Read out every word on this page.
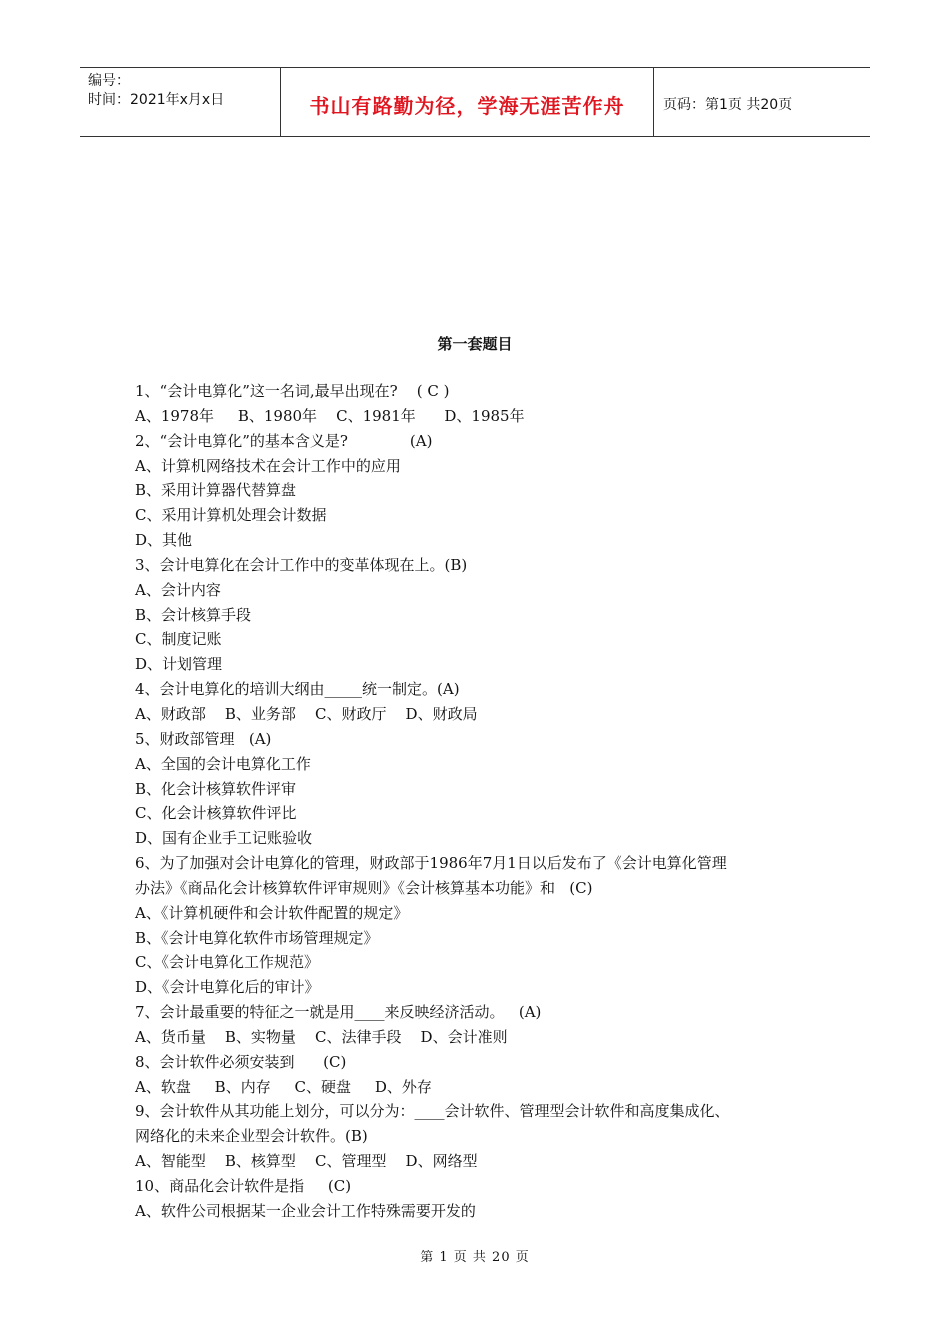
编号：
时间：2021年x月x日	书山有路勤为径，学海无涯苦作舟	页码：第1页 共20页
第一套题目
1、“会计电算化”这一名词,最早出现在?    ( C )
A、1978年     B、1980年    C、1981年      D、1985年
2、“会计电算化”的基本含义是?             (A)
A、计算机网络技术在会计工作中的应用
B、采用计算器代替算盘
C、采用计算机处理会计数据
D、其他
3、会计电算化在会计工作中的变革体现在上。(B)
A、会计内容
B、会计核算手段
C、制度记账
D、计划管理
4、会计电算化的培训大纲由_____统一制定。(A)
A、财政部    B、业务部    C、财政厅    D、财政局
5、财政部管理   (A)
A、全国的会计电算化工作
B、化会计核算软件评审
C、化会计核算软件评比
D、国有企业手工记账验收
6、为了加强对会计电算化的管理，财政部于1986年7月1日以后发布了《会计电算化管理
办法》《商品化会计核算软件评审规则》《会计核算基本功能》和   (C)
A、《计算机硬件和会计软件配置的规定》
B、《会计电算化软件市场管理规定》
C、《会计电算化工作规范》
D、《会计电算化后的审计》
7、会计最重要的特征之一就是用____来反映经济活动。   (A)
A、货币量    B、实物量    C、法律手段    D、会计准则
8、会计软件必须安装到      (C)
A、软盘     B、内存     C、硬盘     D、外存
9、会计软件从其功能上划分，可以分为：____会计软件、管理型会计软件和高度集成化、
网络化的未来企业型会计软件。(B)
A、智能型    B、核算型    C、管理型    D、网络型
10、商品化会计软件是指     (C)
A、软件公司根据某一企业会计工作特殊需要开发的
第 1 页 共 20 页
